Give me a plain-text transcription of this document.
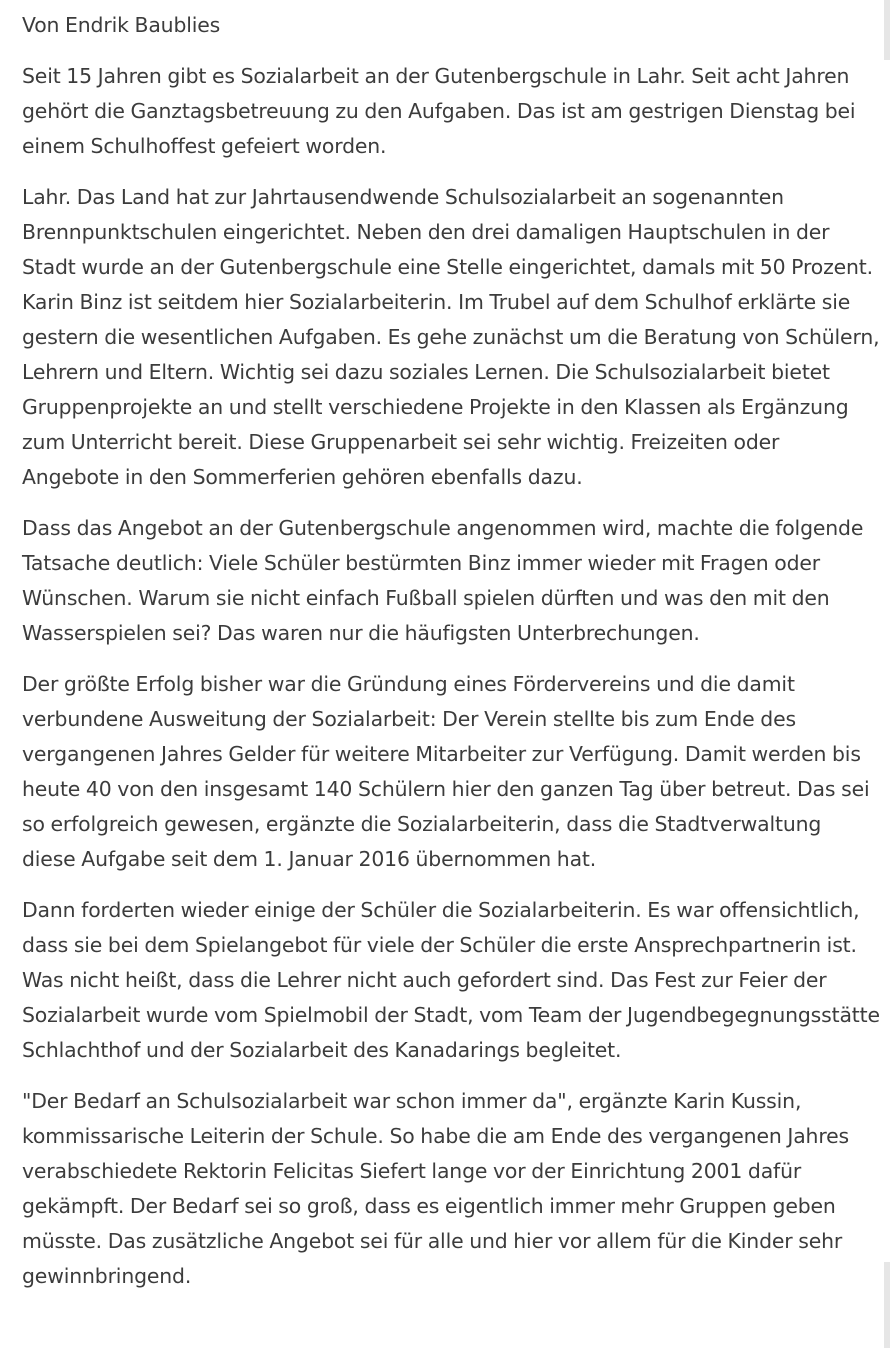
Von Endrik Baublies

Seit 15 Jahren gibt es Sozialarbeit an der Gutenbergschule in Lahr. Seit acht Jahren gehört die Ganztagsbetreuung zu den Aufgaben. Das ist am gestrigen Dienstag bei einem Schulhoffest gefeiert worden.

Lahr. Das Land hat zur Jahrtausendwende Schulsozialarbeit an sogenannten Brennpunktschulen eingerichtet. Neben den drei damaligen Hauptschulen in der Stadt wurde an der Gutenbergschule eine Stelle eingerichtet, damals mit 50 Prozent. Karin Binz ist seitdem hier Sozialarbeiterin. Im Trubel auf dem Schulhof erklärte sie gestern die wesentlichen Aufgaben. Es gehe zunächst um die Beratung von Schülern, Lehrern und Eltern. Wichtig sei dazu soziales Lernen. Die Schulsozialarbeit bietet Gruppenprojekte an und stellt verschiedene Projekte in den Klassen als Ergänzung zum Unterricht bereit. Diese Gruppenarbeit sei sehr wichtig. Freizeiten oder Angebote in den Sommerferien gehören ebenfalls dazu.

Dass das Angebot an der Gutenbergschule angenommen wird, machte die folgende Tatsache deutlich: Viele Schüler bestürmten Binz immer wieder mit Fragen oder Wünschen. Warum sie nicht einfach Fußball spielen dürften und was den mit den Wasserspielen sei? Das waren nur die häufigsten Unterbrechungen.

Der größte Erfolg bisher war die Gründung eines Fördervereins und die damit verbundene Ausweitung der Sozialarbeit: Der Verein stellte bis zum Ende des vergangenen Jahres Gelder für weitere Mitarbeiter zur Verfügung. Damit werden bis heute 40 von den insgesamt 140 Schülern hier den ganzen Tag über betreut. Das sei so erfolgreich gewesen, ergänzte die Sozialarbeiterin, dass die Stadtverwaltung diese Aufgabe seit dem 1. Januar 2016 übernommen hat.

Dann forderten wieder einige der Schüler die Sozialarbeiterin. Es war offensichtlich, dass sie bei dem Spielangebot für viele der Schüler die erste Ansprechpartnerin ist. Was nicht heißt, dass die Lehrer nicht auch gefordert sind. Das Fest zur Feier der Sozialarbeit wurde vom Spielmobil der Stadt, vom Team der Jugendbegegnungsstätte Schlachthof und der Sozialarbeit des Kanadarings begleitet.

"Der Bedarf an Schulsozialarbeit war schon immer da", ergänzte Karin Kussin, kommissarische Leiterin der Schule. So habe die am Ende des vergangenen Jahres verabschiedete Rektorin Felicitas Siefert lange vor der Einrichtung 2001 dafür gekämpft. Der Bedarf sei so groß, dass es eigentlich immer mehr Gruppen geben müsste. Das zusätzliche Angebot sei für alle und hier vor allem für die Kinder sehr gewinnbringend.
